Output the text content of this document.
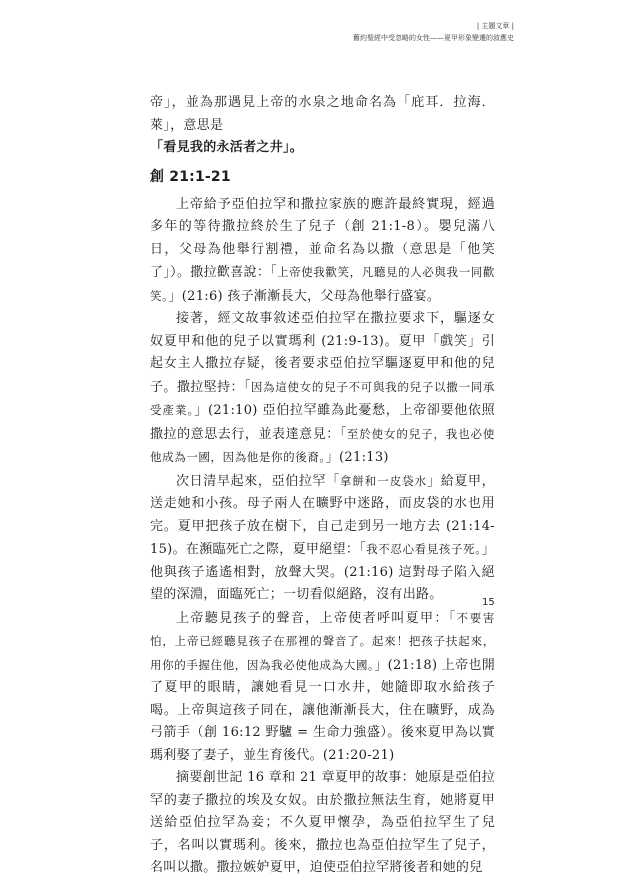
| 主題文章 |
舊約聖經中受忽略的女性——夏甲形象變遷的敘應史

帝」，並為那遇見上帝的水泉之地命名為「庇耳．拉海．萊」，意思是

「看見我的永活者之井」。

創 21:1-21

上帝給予亞伯拉罕和撒拉家族的應許最終實現，經過多年的等待撒拉終於生了兒子（創 21:1-8）。嬰兒滿八日，父母為他舉行割禮，並命名為以撒（意思是「他笑了」）。撒拉歡喜說：「上帝使我歡笑，凡聽見的人必與我一同歡笑。」(21:6) 孩子漸漸長大，父母為他舉行盛宴。

接著，經文故事敘述亞伯拉罕在撒拉要求下，驅逐女奴夏甲和他的兒子以實瑪利 (21:9-13)。夏甲「戲笑」引起女主人撒拉存疑，後者要求亞伯拉罕驅逐夏甲和他的兒子。撒拉堅持：「因為這使女的兒子不可與我的兒子以撒一同承受產業。」(21:10) 亞伯拉罕雖為此憂愁，上帝卻要他依照撒拉的意思去行，並表達意見：「至於使女的兒子，我也必使他成為一國，因為他是你的後裔。」(21:13)

次日清早起來，亞伯拉罕「拿餅和一皮袋水」給夏甲，送走她和小孩。母子兩人在曠野中迷路，而皮袋的水也用完。夏甲把孩子放在樹下，自己走到另一地方去 (21:14-15)。在瀕臨死亡之際，夏甲絕望：「我不忍心看見孩子死。」他與孩子遙遙相對，放聲大哭。(21:16) 這對母子陷入絕望的深淵，面臨死亡；一切看似絕路，沒有出路。

上帝聽見孩子的聲音，上帝使者呼叫夏甲：「不要害怕，上帝已經聽見孩子在那裡的聲音了。起來！把孩子扶起來，用你的手握住他，因為我必使他成為大國。」(21:18) 上帝也開了夏甲的眼睛，讓她看見一口水井，她隨即取水給孩子喝。上帝與這孩子同在，讓他漸漸長大，住在曠野，成為弓箭手（創 16:12 野驢 = 生命力強盛）。後來夏甲為以實瑪利娶了妻子，並生育後代。(21:20-21)

摘要創世記 16 章和 21 章夏甲的故事：她原是亞伯拉罕的妻子撒拉的埃及女奴。由於撒拉無法生育，她將夏甲送給亞伯拉罕為妾；不久夏甲懷孕，為亞伯拉罕生了兒子，名叫以實瑪利。後來，撒拉也為亞伯拉罕生了兒子，名叫以撒。撒拉嫉妒夏甲，迫使亞伯拉罕將後者和她的兒

15
